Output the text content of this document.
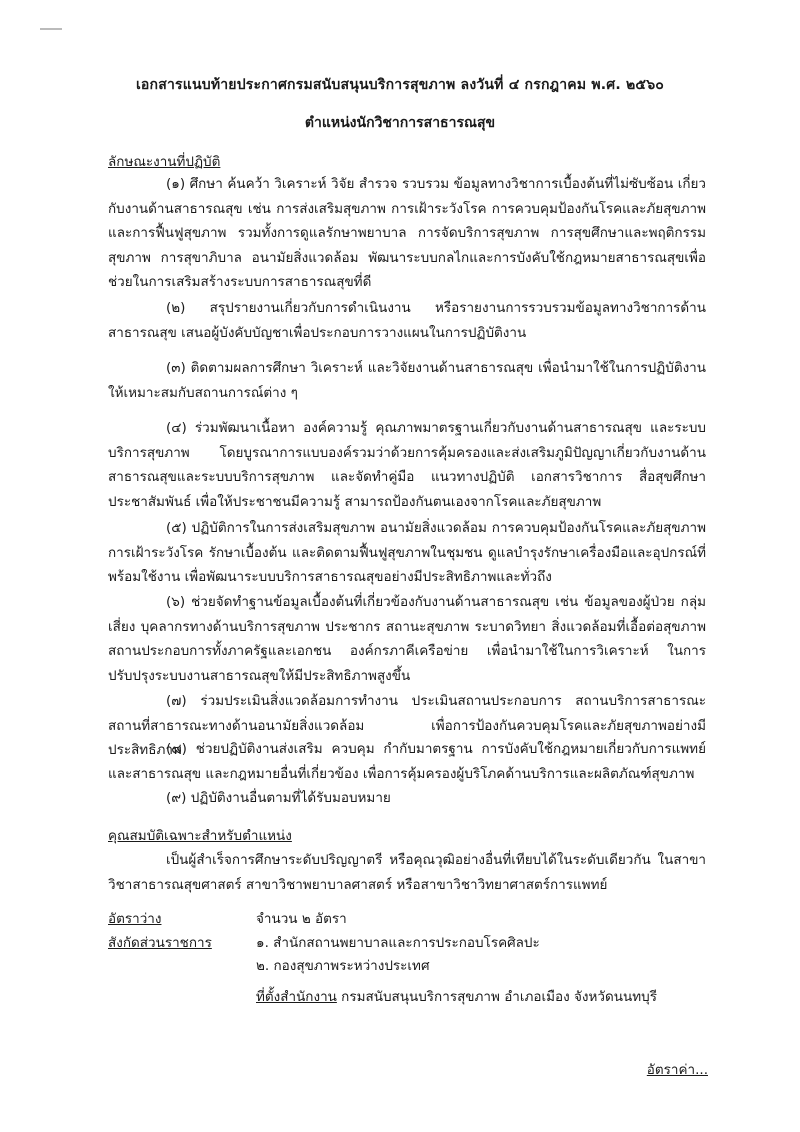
เอกสารแนบท้ายประกาศกรมสนับสนุนบริการสุขภาพ ลงวันที่ ๔ กรกฎาคม พ.ศ. ๒๕๖๐
ตำแหน่งนักวิชาการสาธารณสุข
ลักษณะงานที่ปฏิบัติ
(๑) ศึกษา ค้นคว้า วิเคราะห์ วิจัย สำรวจ รวบรวม ข้อมูลทางวิชาการเบื้องต้นที่ไม่ซับซ้อน เกี่ยวกับงานด้านสาธารณสุข เช่น การส่งเสริมสุขภาพ การเฝ้าระวังโรค การควบคุมป้องกันโรคและภัยสุขภาพ และการฟื้นฟูสุขภาพ รวมทั้งการดูแลรักษาพยาบาล การจัดบริการสุขภาพ การสุขศึกษาและพฤติกรรมสุขภาพ การสุขาภิบาล อนามัยสิ่งแวดล้อม พัฒนาระบบกลไกและการบังคับใช้กฎหมายสาธารณสุขเพื่อช่วยในการเสริมสร้างระบบการสาธารณสุขที่ดี
(๒) สรุปรายงานเกี่ยวกับการดำเนินงาน หรือรายงานการรวบรวมข้อมูลทางวิชาการด้านสาธารณสุข เสนอผู้บังคับบัญชาเพื่อประกอบการวางแผนในการปฏิบัติงาน
(๓) ติดตามผลการศึกษา วิเคราะห์ และวิจัยงานด้านสาธารณสุข เพื่อนำมาใช้ในการปฏิบัติงานให้เหมาะสมกับสถานการณ์ต่าง ๆ
(๔) ร่วมพัฒนาเนื้อหา องค์ความรู้ คุณภาพมาตรฐานเกี่ยวกับงานด้านสาธารณสุข และระบบบริการสุขภาพ โดยบูรณาการแบบองค์รวมว่าด้วยการคุ้มครองและส่งเสริมภูมิปัญญาเกี่ยวกับงานด้านสาธารณสุขและระบบบริการสุขภาพ และจัดทำคู่มือ แนวทางปฏิบัติ เอกสารวิชาการ สื่อสุขศึกษา ประชาสัมพันธ์ เพื่อให้ประชาชนมีความรู้ สามารถป้องกันตนเองจากโรคและภัยสุขภาพ
(๕) ปฏิบัติการในการส่งเสริมสุขภาพ อนามัยสิ่งแวดล้อม การควบคุมป้องกันโรคและภัยสุขภาพ การเฝ้าระวังโรค รักษาเบื้องต้น และติดตามฟื้นฟูสุขภาพในชุมชน ดูแลบำรุงรักษาเครื่องมือและอุปกรณ์ที่พร้อมใช้งาน เพื่อพัฒนาระบบบริการสาธารณสุขอย่างมีประสิทธิภาพและทั่วถึง
(๖) ช่วยจัดทำฐานข้อมูลเบื้องต้นที่เกี่ยวข้องกับงานด้านสาธารณสุข เช่น ข้อมูลของผู้ป่วย กลุ่มเสี่ยง บุคลากรทางด้านบริการสุขภาพ ประชากร สถานะสุขภาพ ระบาดวิทยา สิ่งแวดล้อมที่เอื้อต่อสุขภาพ สถานประกอบการทั้งภาครัฐและเอกชน องค์กรภาคีเครือข่าย เพื่อนำมาใช้ในการวิเคราะห์ ในการปรับปรุงระบบงานสาธารณสุขให้มีประสิทธิภาพสูงขึ้น
(๗) ร่วมประเมินสิ่งแวดล้อมการทำงาน ประเมินสถานประกอบการ สถานบริการสาธารณะ สถานที่สาธารณะทางด้านอนามัยสิ่งแวดล้อม เพื่อการป้องกันควบคุมโรคและภัยสุขภาพอย่างมีประสิทธิภาพ
(๘) ช่วยปฏิบัติงานส่งเสริม ควบคุม กำกับมาตรฐาน การบังคับใช้กฎหมายเกี่ยวกับการแพทย์และสาธารณสุข และกฎหมายอื่นที่เกี่ยวข้อง เพื่อการคุ้มครองผู้บริโภคด้านบริการและผลิตภัณฑ์สุขภาพ
(๙) ปฏิบัติงานอื่นตามที่ได้รับมอบหมาย
คุณสมบัติเฉพาะสำหรับตำแหน่ง
เป็นผู้สำเร็จการศึกษาระดับปริญญาตรี หรือคุณวุฒิอย่างอื่นที่เทียบได้ในระดับเดียวกัน ในสาขาวิชาสาธารณสุขศาสตร์ สาขาวิชาพยาบาลศาสตร์ หรือสาขาวิชาวิทยาศาสตร์การแพทย์
อัตราว่าง	จำนวน ๒ อัตรา
สังกัดส่วนราชการ	๑. สำนักสถานพยาบาลและการประกอบโรคศิลปะ
๒. กองสุขภาพระหว่างประเทศ
ที่ตั้งสำนักงาน กรมสนับสนุนบริการสุขภาพ อำเภอเมือง จังหวัดนนทบุรี
อัตราค่า...
